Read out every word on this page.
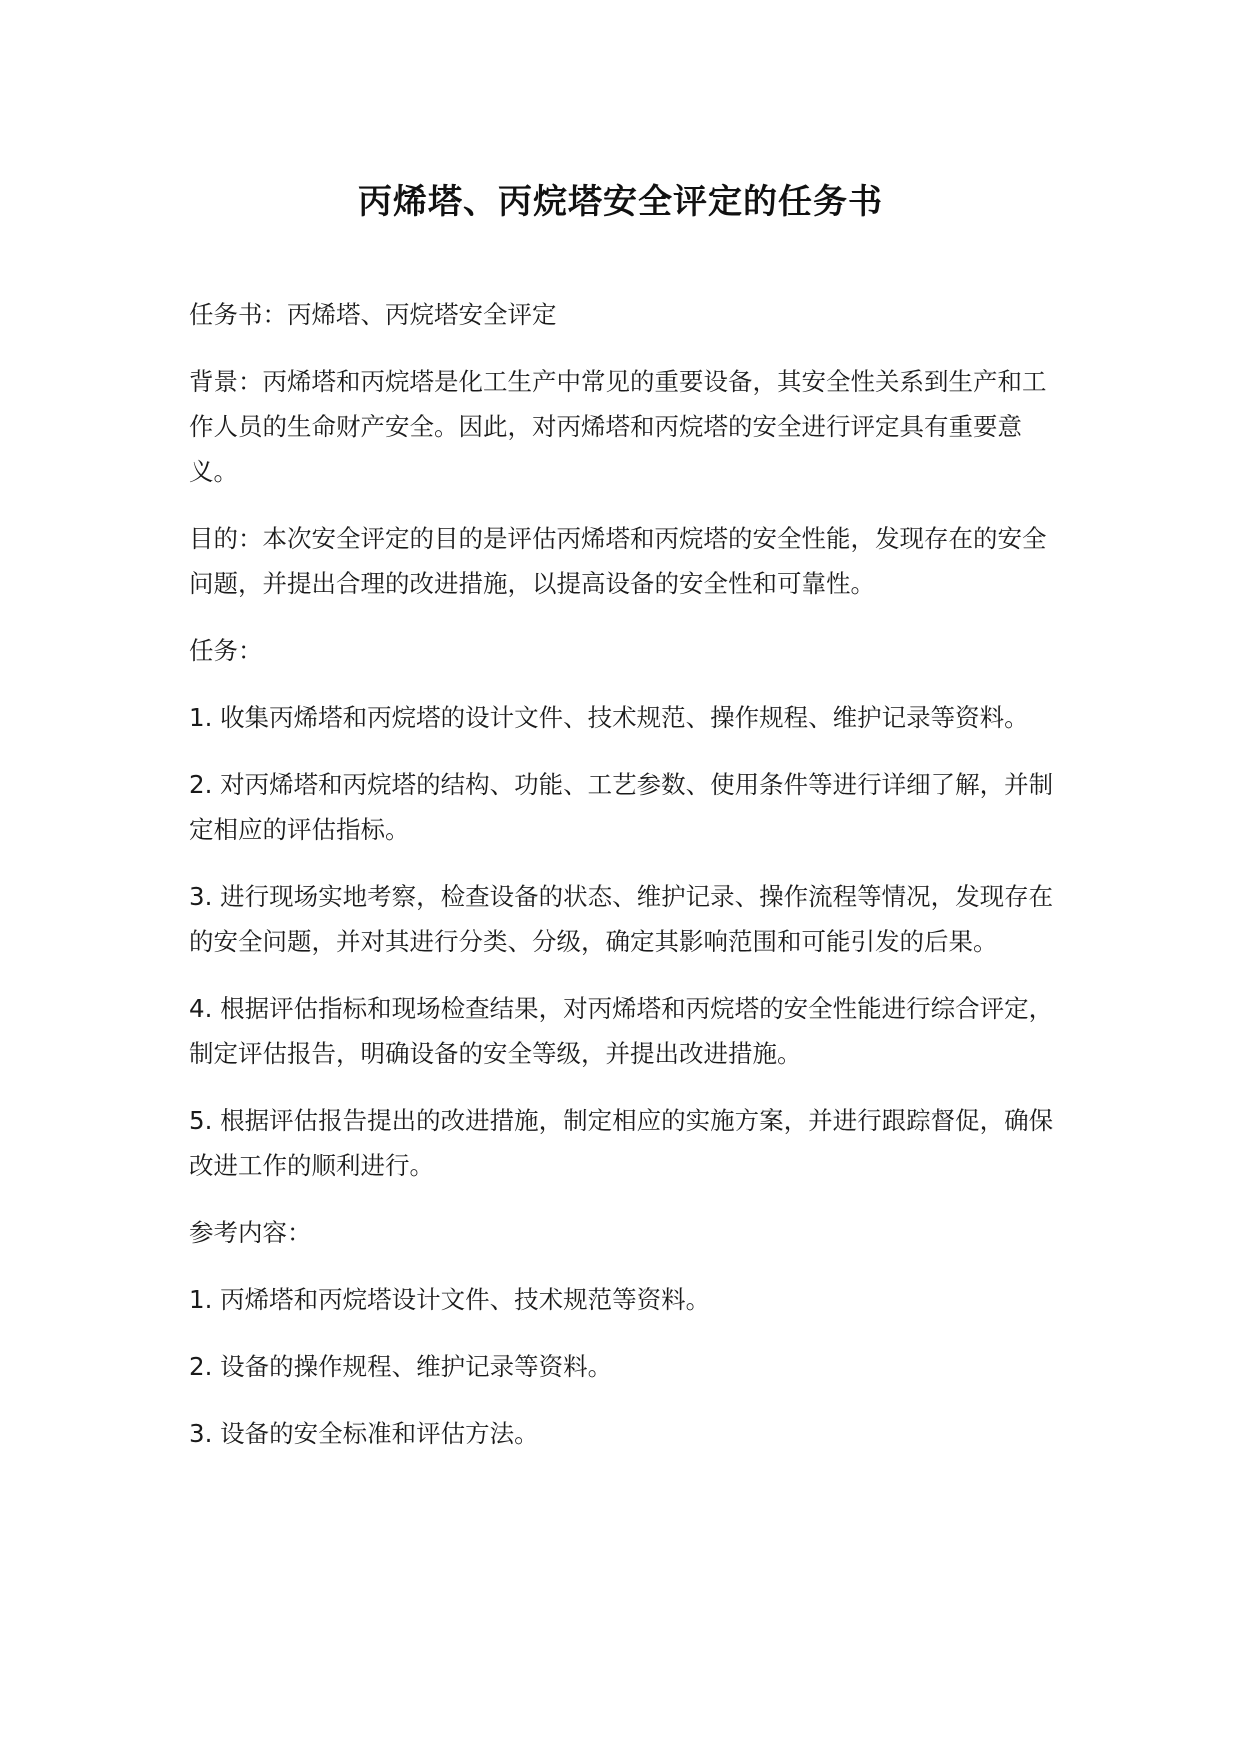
丙烯塔、丙烷塔安全评定的任务书

任务书：丙烯塔、丙烷塔安全评定

背景：丙烯塔和丙烷塔是化工生产中常见的重要设备，其安全性关系到生产和工作人员的生命财产安全。因此，对丙烯塔和丙烷塔的安全进行评定具有重要意义。

目的：本次安全评定的目的是评估丙烯塔和丙烷塔的安全性能，发现存在的安全问题，并提出合理的改进措施，以提高设备的安全性和可靠性。

任务：

1. 收集丙烯塔和丙烷塔的设计文件、技术规范、操作规程、维护记录等资料。

2. 对丙烯塔和丙烷塔的结构、功能、工艺参数、使用条件等进行详细了解，并制定相应的评估指标。

3. 进行现场实地考察，检查设备的状态、维护记录、操作流程等情况，发现存在的安全问题，并对其进行分类、分级，确定其影响范围和可能引发的后果。

4. 根据评估指标和现场检查结果，对丙烯塔和丙烷塔的安全性能进行综合评定，制定评估报告，明确设备的安全等级，并提出改进措施。

5. 根据评估报告提出的改进措施，制定相应的实施方案，并进行跟踪督促，确保改进工作的顺利进行。

参考内容：

1. 丙烯塔和丙烷塔设计文件、技术规范等资料。

2. 设备的操作规程、维护记录等资料。

3. 设备的安全标准和评估方法。
